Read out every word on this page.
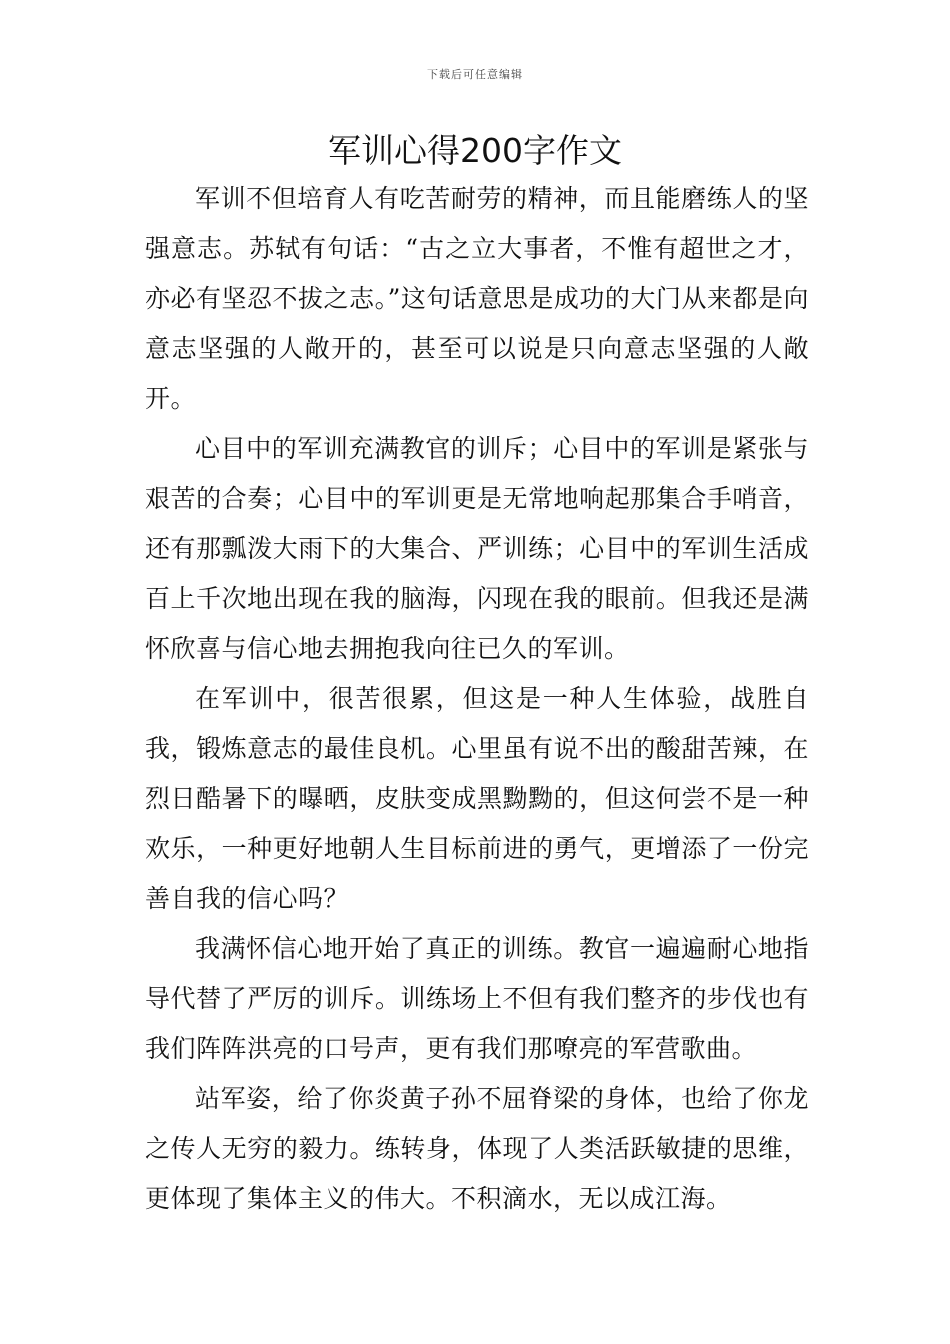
下载后可任意编辑
军训心得200字作文

军训不但培育人有吃苦耐劳的精神，而且能磨练人的坚强意志。苏轼有句话：“古之立大事者，不惟有超世之才，亦必有坚忍不拔之志。”这句话意思是成功的大门从来都是向意志坚强的人敞开的，甚至可以说是只向意志坚强的人敞开。

心目中的军训充满教官的训斥；心目中的军训是紧张与艰苦的合奏；心目中的军训更是无常地响起那集合手哨音，还有那瓢泼大雨下的大集合、严训练；心目中的军训生活成百上千次地出现在我的脑海，闪现在我的眼前。但我还是满怀欣喜与信心地去拥抱我向往已久的军训。

在军训中，很苦很累，但这是一种人生体验，战胜自我，锻炼意志的最佳良机。心里虽有说不出的酸甜苦辣，在烈日酷暑下的曝晒，皮肤变成黑黝黝的，但这何尝不是一种欢乐，一种更好地朝人生目标前进的勇气，更增添了一份完善自我的信心吗？

我满怀信心地开始了真正的训练。教官一遍遍耐心地指导代替了严厉的训斥。训练场上不但有我们整齐的步伐也有我们阵阵洪亮的口号声，更有我们那嘹亮的军营歌曲。

站军姿，给了你炎黄子孙不屈脊梁的身体，也给了你龙之传人无穷的毅力。练转身，体现了人类活跃敏捷的思维，更体现了集体主义的伟大。不积滴水，无以成江海。
